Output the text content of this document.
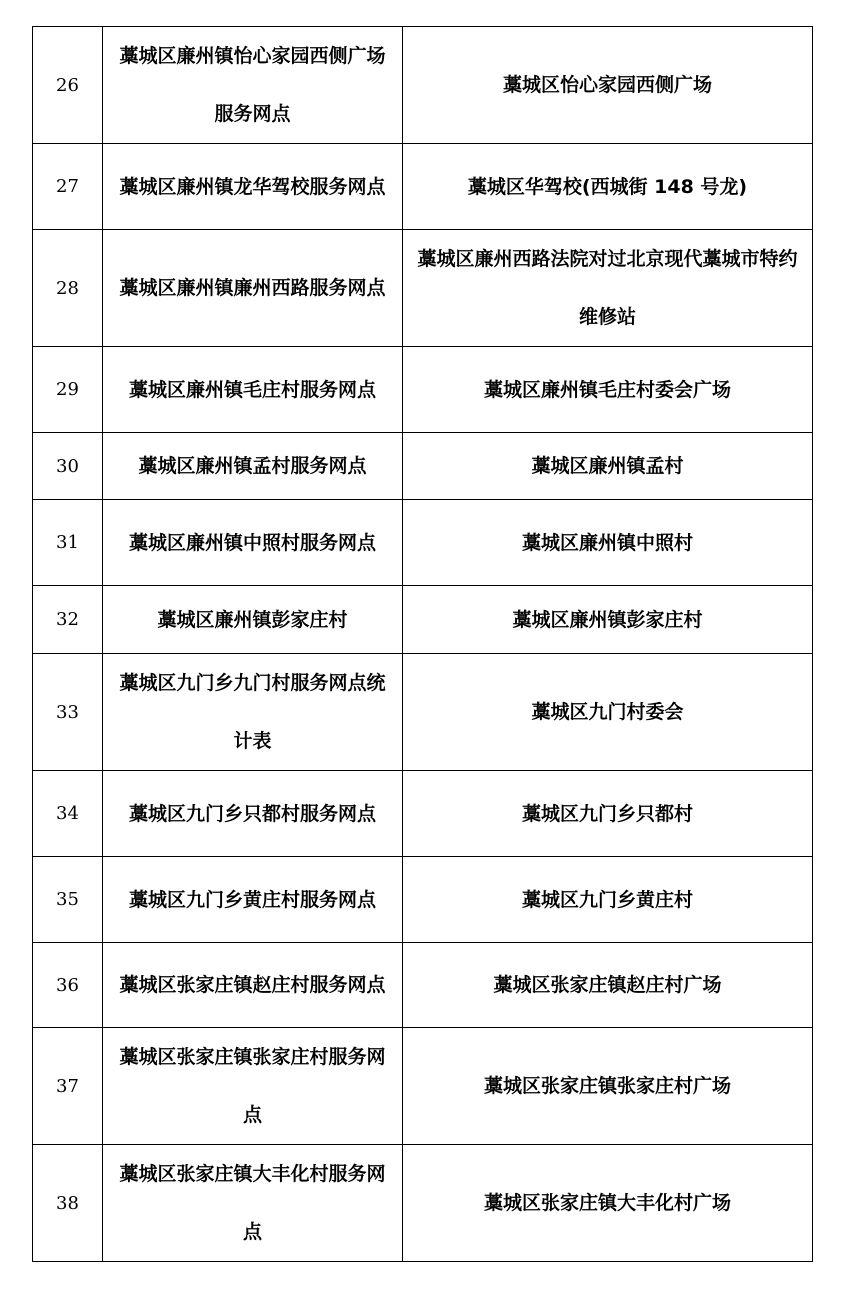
26	藁城区廉州镇怡心家园西侧广场服务网点	藁城区怡心家园西侧广场
27	藁城区廉州镇龙华驾校服务网点	藁城区华驾校(西城街 148 号龙)
28	藁城区廉州镇廉州西路服务网点	藁城区廉州西路法院对过北京现代藁城市特约维修站
29	藁城区廉州镇毛庄村服务网点	藁城区廉州镇毛庄村委会广场
30	藁城区廉州镇孟村服务网点	藁城区廉州镇孟村
31	藁城区廉州镇中照村服务网点	藁城区廉州镇中照村
32	藁城区廉州镇彭家庄村	藁城区廉州镇彭家庄村
33	藁城区九门乡九门村服务网点统计表	藁城区九门村委会
34	藁城区九门乡只都村服务网点	藁城区九门乡只都村
35	藁城区九门乡黄庄村服务网点	藁城区九门乡黄庄村
36	藁城区张家庄镇赵庄村服务网点	藁城区张家庄镇赵庄村广场
37	藁城区张家庄镇张家庄村服务网点	藁城区张家庄镇张家庄村广场
38	藁城区张家庄镇大丰化村服务网点	藁城区张家庄镇大丰化村广场
